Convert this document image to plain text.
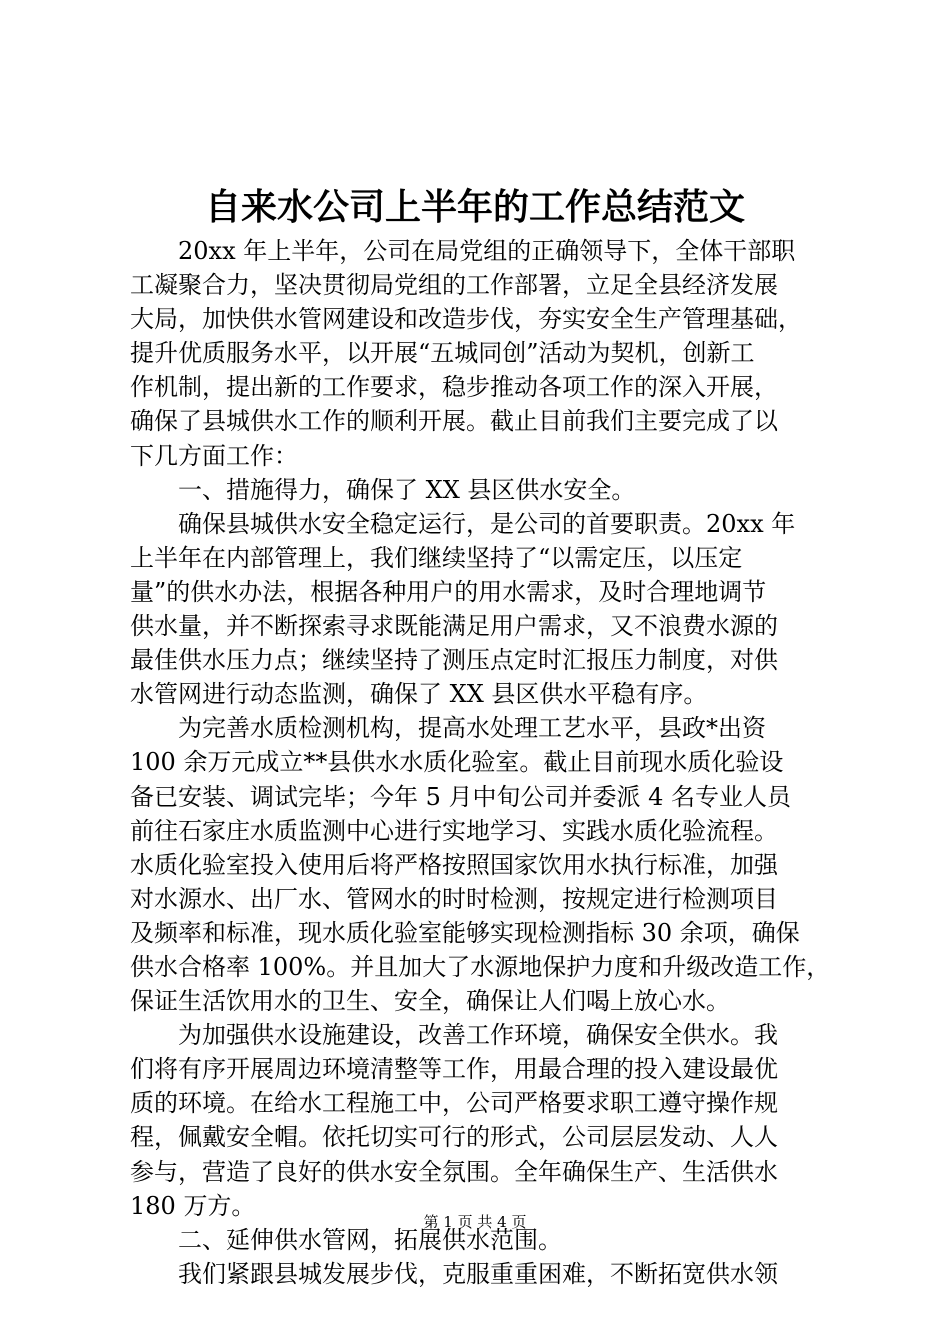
自来水公司上半年的工作总结范文
　　20xx 年上半年，公司在局党组的正确领导下，全体干部职
工凝聚合力，坚决贯彻局党组的工作部署，立足全县经济发展
大局，加快供水管网建设和改造步伐，夯实安全生产管理基础，
提升优质服务水平，以开展“五城同创”活动为契机，创新工
作机制，提出新的工作要求，稳步推动各项工作的深入开展，
确保了县城供水工作的顺利开展。截止目前我们主要完成了以
下几方面工作：
　　一、措施得力，确保了 XX 县区供水安全。
　　确保县城供水安全稳定运行，是公司的首要职责。20xx 年
上半年在内部管理上，我们继续坚持了“以需定压，以压定
量”的供水办法，根据各种用户的用水需求，及时合理地调节
供水量，并不断探索寻求既能满足用户需求，又不浪费水源的
最佳供水压力点；继续坚持了测压点定时汇报压力制度，对供
水管网进行动态监测，确保了 XX 县区供水平稳有序。
　　为完善水质检测机构，提高水处理工艺水平，县政*出资
100 余万元成立**县供水水质化验室。截止目前现水质化验设
备已安装、调试完毕；今年 5 月中旬公司并委派 4 名专业人员
前往石家庄水质监测中心进行实地学习、实践水质化验流程。
水质化验室投入使用后将严格按照国家饮用水执行标准，加强
对水源水、出厂水、管网水的时时检测，按规定进行检测项目
及频率和标准，现水质化验室能够实现检测指标 30 余项，确保
供水合格率 100%。并且加大了水源地保护力度和升级改造工作，
保证生活饮用水的卫生、安全，确保让人们喝上放心水。
　　为加强供水设施建设，改善工作环境，确保安全供水。我
们将有序开展周边环境清整等工作，用最合理的投入建设最优
质的环境。在给水工程施工中，公司严格要求职工遵守操作规
程，佩戴安全帽。依托切实可行的形式，公司层层发动、人人
参与，营造了良好的供水安全氛围。全年确保生产、生活供水
180 万方。
　　二、延伸供水管网，拓展供水范围。
　　我们紧跟县城发展步伐，克服重重困难，不断拓宽供水领
第 1 页 共 4 页
